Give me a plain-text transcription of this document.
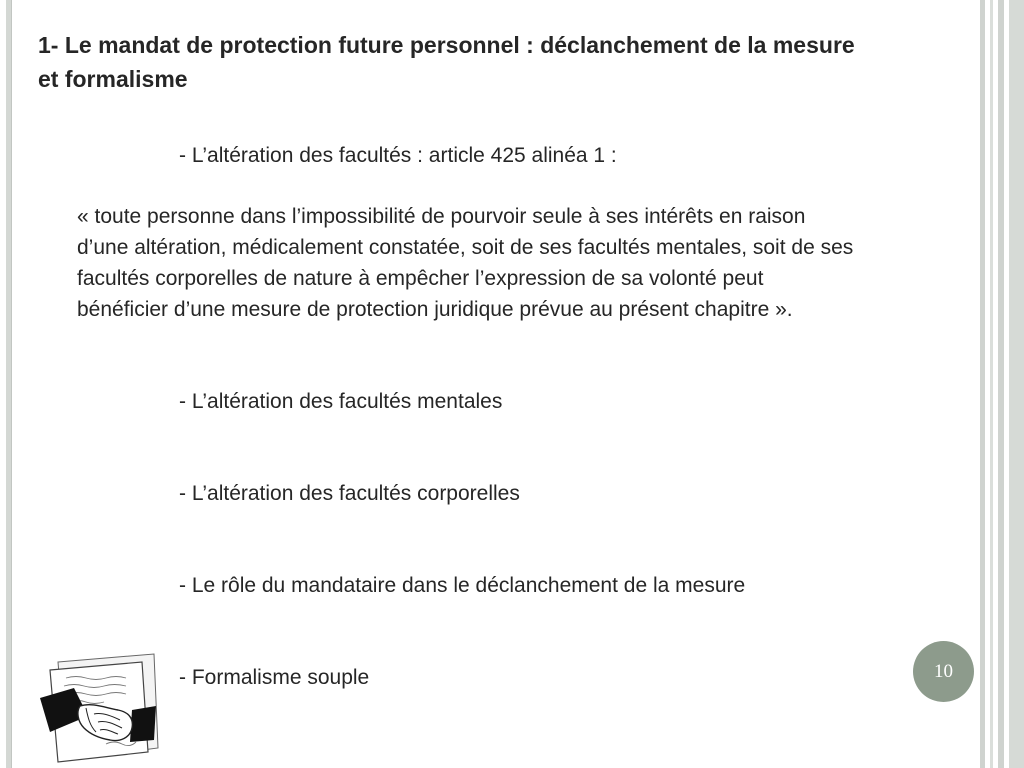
1- Le mandat de protection future personnel : déclanchement de la mesure
et formalisme
- L’altération des facultés : article 425 alinéa 1 :
« toute personne dans l’impossibilité de pourvoir seule à ses intérêts en raison
d’une altération, médicalement constatée, soit de ses facultés mentales, soit de ses
facultés corporelles de nature à empêcher l’expression de sa volonté peut
bénéficier d’une mesure de protection juridique prévue au présent chapitre ».
- L’altération des facultés mentales
- L’altération des facultés corporelles
- Le rôle du mandataire dans le déclanchement de la mesure
- Formalisme souple	10
